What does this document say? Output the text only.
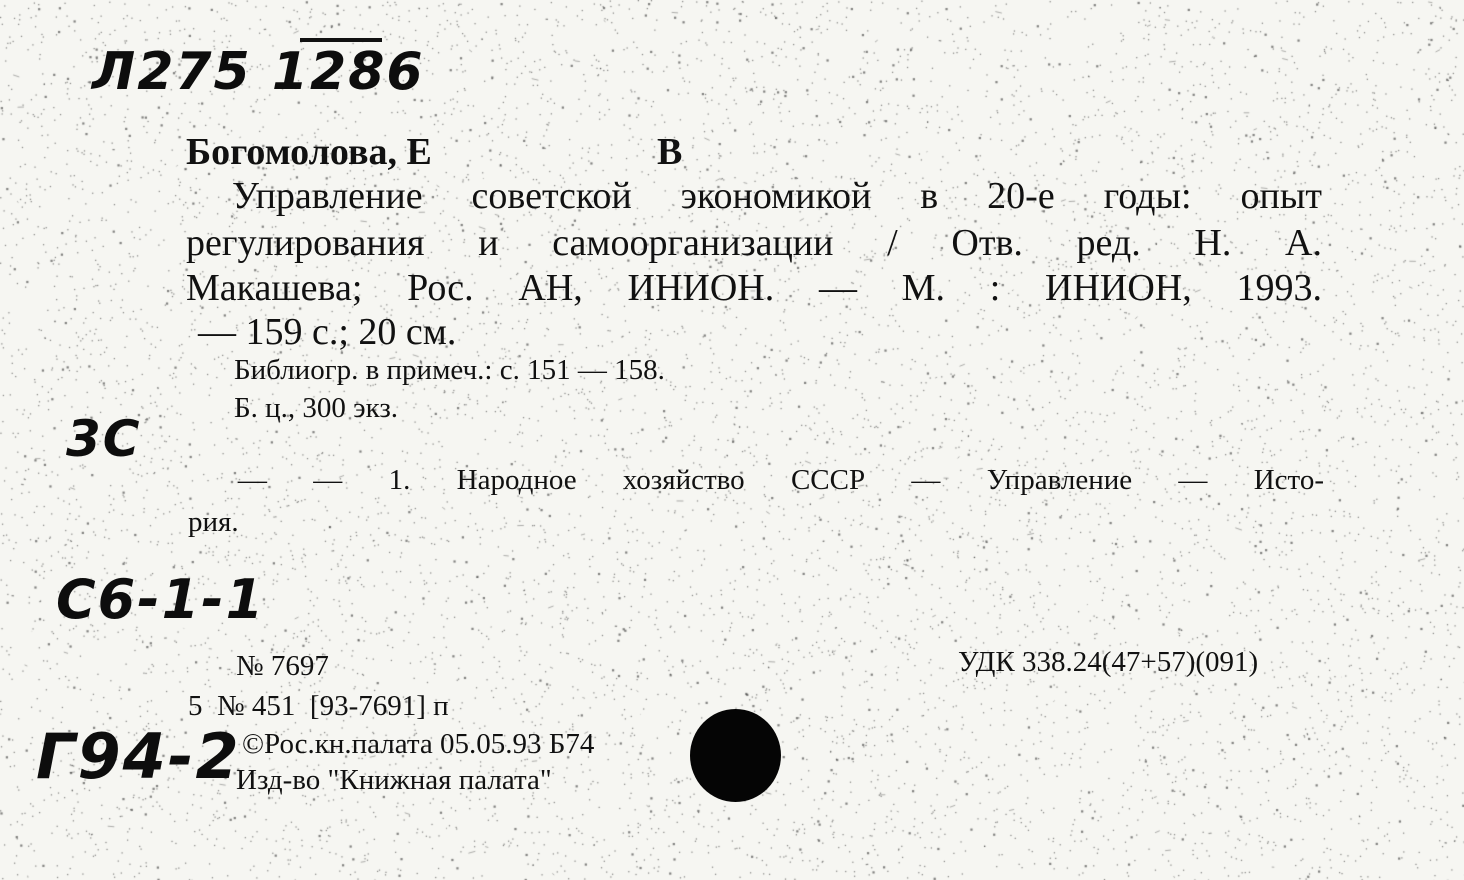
Л275 1286
Богомолова, Е	В
Управление советской экономикой в 20-е годы: опыт
регулирования и самоорганизации / Отв. ред. Н. А.
Макашева; Рос. АН, ИНИОН. — М. : ИНИОН, 1993.
— 159 с.; 20 см.
Библиогр. в примеч.: с. 151 — 158.
Б. ц., 300 экз.
3С
— — 1. Народное хозяйство СССР — Управление — Исто-
рия.
С6-1-1
№ 7697	УДК 338.24(47+57)(091)
5  № 451  [93-7691] п
Г94-2 ©Рос.кн.палата 05.05.93 Б74
Изд-во "Книжная палата"
